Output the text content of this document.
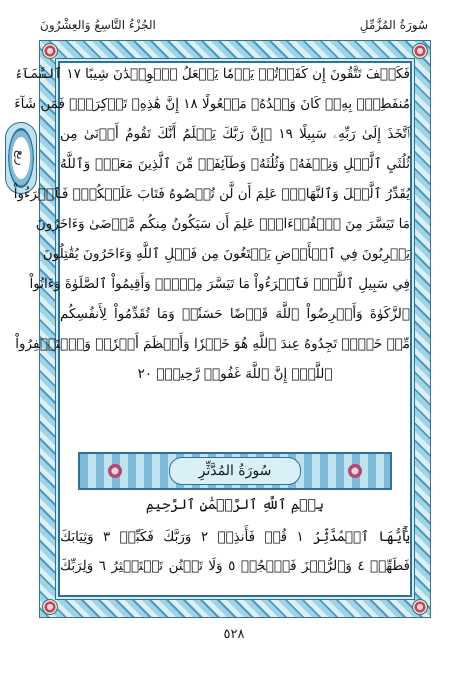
سُورَةُ المُزَّمِّلِ
الجُزْءُ التَّاسِعُ وَالعِشْرُونَ
ربع
فَكَيۡفَ تَتَّقُونَ إِن كَفَرۡتُمۡ يَوۡمٗا يَجۡعَلُ ٱلۡوِلۡدَٰنَ شِيبًا ١٧ ٱلسَّمَآءُ
مُنفَطِرُۢ بِهِۦۚ كَانَ وَعۡدُهُۥ مَفۡعُولًا ١٨ إِنَّ هَٰذِهِۦ تَذۡكِرَةٞۖ فَمَن شَآءَ
ٱتَّخَذَ إِلَىٰ رَبِّهِۦ سَبِيلًا ١٩ ۞إِنَّ رَبَّكَ يَعۡلَمُ أَنَّكَ تَقُومُ أَدۡنَىٰ مِن
ثُلُثَيِ ٱلَّيۡلِ وَنِصۡفَهُۥ وَثُلُثَهُۥ وَطَآئِفَةٞ مِّنَ ٱلَّذِينَ مَعَكَۚ وَٱللَّهُ
يُقَدِّرُ ٱلَّيۡلَ وَٱلنَّهَارَۚ عَلِمَ أَن لَّن تُحۡصُوهُ فَتَابَ عَلَيۡكُمۡۖ فَٱقۡرَءُواْ
مَا تَيَسَّرَ مِنَ ٱلۡقُرۡءَانِۚ عَلِمَ أَن سَيَكُونُ مِنكُم مَّرۡضَىٰ وَءَاخَرُونَ
يَضۡرِبُونَ فِي ٱلۡأَرۡضِ يَبۡتَغُونَ مِن فَضۡلِ ٱللَّهِ وَءَاخَرُونَ يُقَٰتِلُونَ
فِي سَبِيلِ ٱللَّهِۖ فَٱقۡرَءُواْ مَا تَيَسَّرَ مِنۡهُۚ وَأَقِيمُواْ ٱلصَّلَوٰةَ وَءَاتُواْ
ٱلزَّكَوٰةَ وَأَقۡرِضُواْ ٱللَّهَ قَرۡضًا حَسَنٗاۚ وَمَا تُقَدِّمُواْ لِأَنفُسِكُم
مِّنۡ خَيۡرٖ تَجِدُوهُ عِندَ ٱللَّهِ هُوَ خَيۡرٗا وَأَعۡظَمَ أَجۡرٗاۚ وَٱسۡتَغۡفِرُواْ
ٱللَّهَۖ إِنَّ ٱللَّهَ غَفُورٞ رَّحِيمُۢ ٢٠
سُورَةُ المُدَّثِّرِ
بِسۡمِ ٱللَّهِ ٱلرَّحۡمَٰنِ ٱلرَّحِيمِ
يَٰٓأَيُّهَا ٱلۡمُدَّثِّرُ ١ قُمۡ فَأَنذِرۡ ٢ وَرَبَّكَ فَكَبِّرۡ ٣ وَثِيَابَكَ
فَطَهِّرۡ ٤ وَٱلرُّجۡزَ فَٱهۡجُرۡ ٥ وَلَا تَمۡنُن تَسۡتَكۡثِرُ ٦ وَلِرَبِّكَ
٥٢٨
